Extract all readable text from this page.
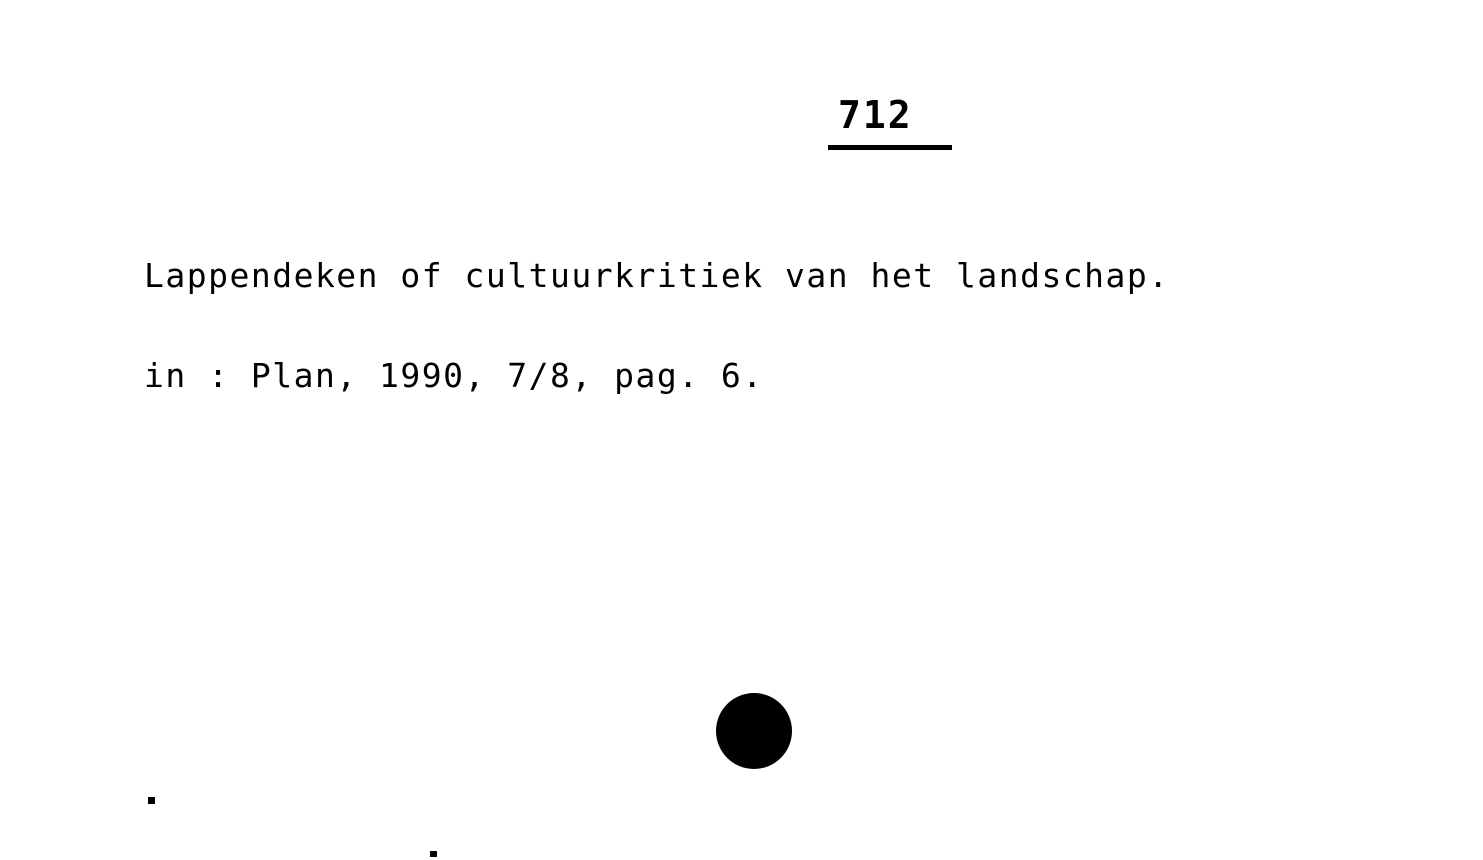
712
Lappendeken of cultuurkritiek van het landschap.
in : Plan, 1990, 7/8, pag. 6.
